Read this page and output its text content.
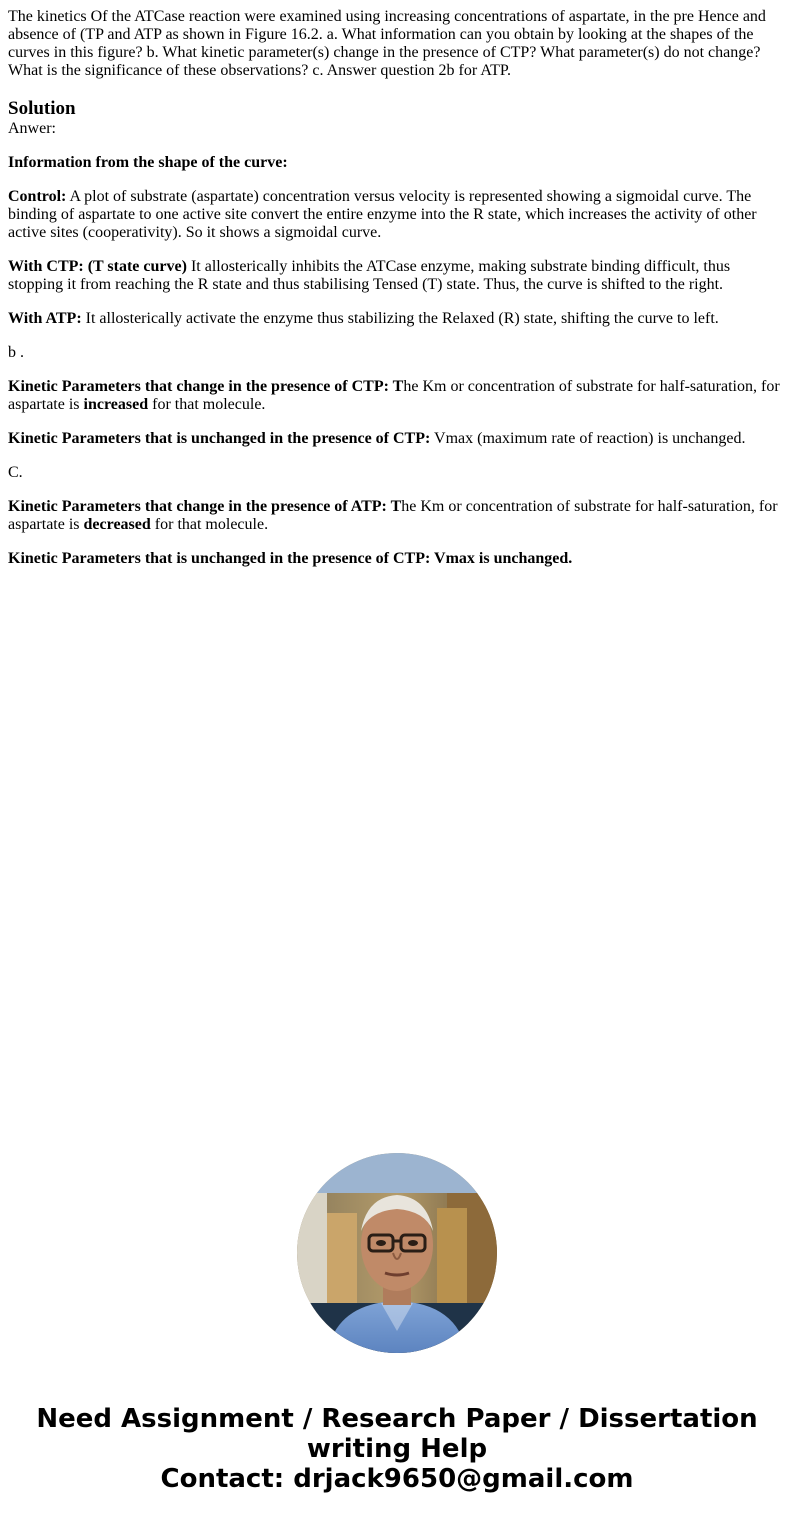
The kinetics Of the ATCase reaction were examined using increasing concentrations of aspartate, in the pre Hence and absence of (TP and ATP as shown in Figure 16.2. a. What information can you obtain by looking at the shapes of the curves in this figure? b. What kinetic parameter(s) change in the presence of CTP? What parameter(s) do not change? What is the significance of these observations? c. Answer question 2b for ATP.
Solution

Anwer:

Information from the shape of the curve:

Control: A plot of substrate (aspartate) concentration versus velocity is represented showing a sigmoidal curve. The binding of aspartate to one active site convert the entire enzyme into the R state, which increases the activity of other active sites (cooperativity). So it shows a sigmoidal curve.

With CTP: (T state curve) It allosterically inhibits the ATCase enzyme, making substrate binding difficult, thus stopping it from reaching the R state and thus stabilising Tensed (T) state. Thus, the curve is shifted to the right.

With ATP: It allosterically activate the enzyme thus stabilizing the Relaxed (R) state, shifting the curve to left.

b .

Kinetic Parameters that change in the presence of CTP: The Km or concentration of substrate for half-saturation, for aspartate is increased for that molecule.

Kinetic Parameters that is unchanged in the presence of CTP: Vmax (maximum rate of reaction) is unchanged.

C.

Kinetic Parameters that change in the presence of ATP: The Km or concentration of substrate for half-saturation, for aspartate is decreased for that molecule.

Kinetic Parameters that is unchanged in the presence of CTP: Vmax is unchanged.

Need Assignment / Research Paper / Dissertation
writing Help
Contact: drjack9650@gmail.com
